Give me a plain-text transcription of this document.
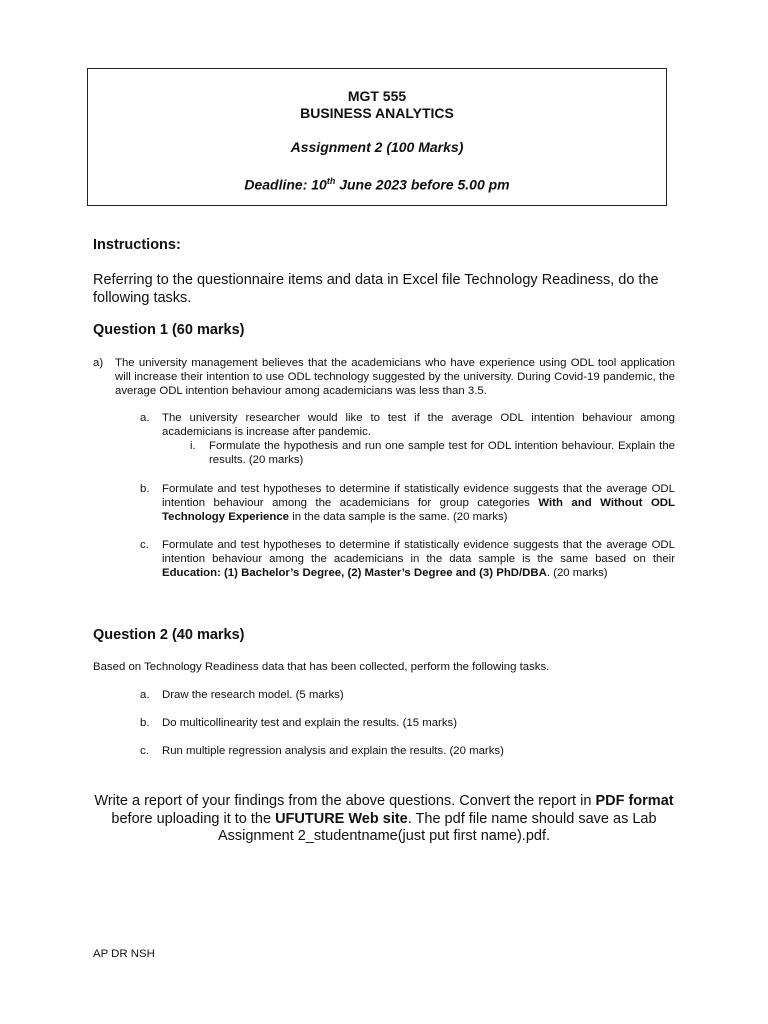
MGT 555
BUSINESS ANALYTICS
Assignment 2 (100 Marks)
Deadline: 10th June 2023 before 5.00 pm
Instructions:
Referring to the questionnaire items and data in Excel file Technology Readiness, do the following tasks.
Question 1 (60 marks)
a) The university management believes that the academicians who have experience using ODL tool application will increase their intention to use ODL technology suggested by the university. During Covid-19 pandemic, the average ODL intention behaviour among academicians was less than 3.5.
a. The university researcher would like to test if the average ODL intention behaviour among academicians is increase after pandemic.
i. Formulate the hypothesis and run one sample test for ODL intention behaviour. Explain the results. (20 marks)
b. Formulate and test hypotheses to determine if statistically evidence suggests that the average ODL intention behaviour among the academicians for group categories With and Without ODL Technology Experience in the data sample is the same. (20 marks)
c. Formulate and test hypotheses to determine if statistically evidence suggests that the average ODL intention behaviour among the academicians in the data sample is the same based on their Education: (1) Bachelor’s Degree, (2) Master’s Degree and (3) PhD/DBA. (20 marks)
Question 2 (40 marks)
Based on Technology Readiness data that has been collected, perform the following tasks.
a. Draw the research model. (5 marks)
b. Do multicollinearity test and explain the results. (15 marks)
c. Run multiple regression analysis and explain the results. (20 marks)
Write a report of your findings from the above questions. Convert the report in PDF format before uploading it to the UFUTURE Web site. The pdf file name should save as Lab Assignment 2_studentname(just put first name).pdf.
AP DR NSH
